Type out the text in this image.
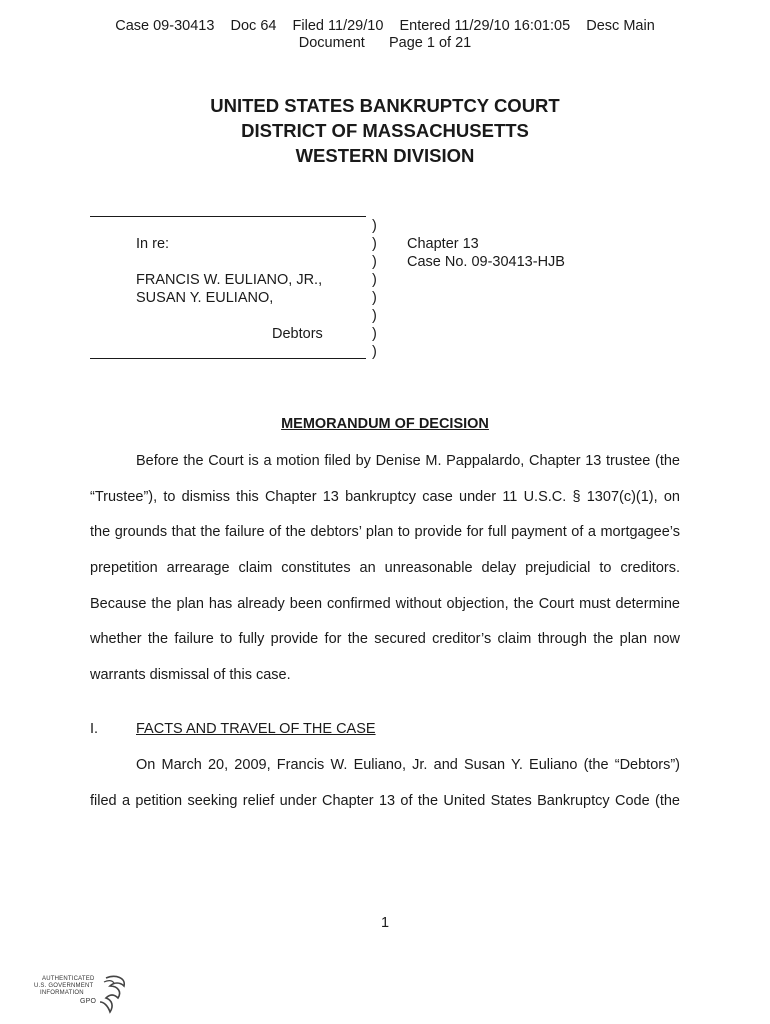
Case 09-30413    Doc 64    Filed 11/29/10    Entered 11/29/10 16:01:05    Desc Main
Document      Page 1 of 21
UNITED STATES BANKRUPTCY COURT
DISTRICT OF MASSACHUSETTS
WESTERN DIVISION
)
)
)
)
)
)
)
)
In re:
FRANCIS W. EULIANO, JR.,
SUSAN Y. EULIANO,
Debtors
Chapter 13
Case No. 09-30413-HJB
MEMORANDUM OF DECISION
Before the Court is a motion filed by Denise M. Pappalardo, Chapter 13 trustee (the
“Trustee”), to dismiss this Chapter 13 bankruptcy case under 11 U.S.C. § 1307(c)(1), on
the grounds that the failure of the debtors’ plan to provide for full payment of a mortgagee’s
prepetition arrearage claim constitutes an unreasonable delay prejudicial to creditors.
Because the plan has already been confirmed without objection, the Court must determine
whether the failure to fully provide for the secured creditor’s claim through the plan now
warrants dismissal of this case.
I.	FACTS AND TRAVEL OF THE CASE
On March 20, 2009, Francis W. Euliano, Jr. and Susan Y. Euliano (the “Debtors”)
filed a petition seeking relief under Chapter 13 of the United States Bankruptcy Code (the
1
AUTHENTICATED
U.S. GOVERNMENT
INFORMATION
GPO
